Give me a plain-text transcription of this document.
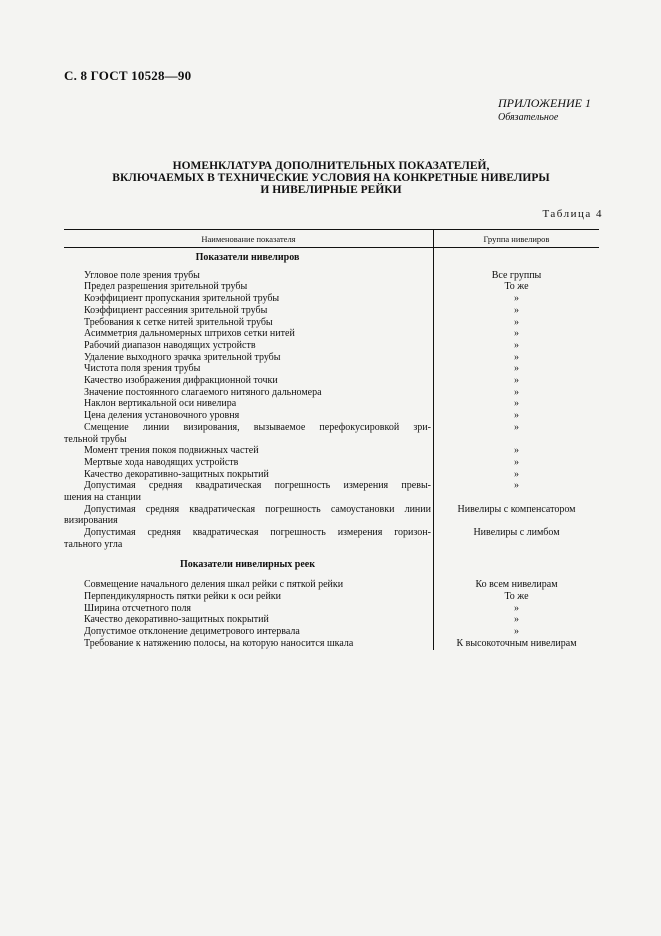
С. 8 ГОСТ 10528—90
ПРИЛОЖЕНИЕ 1
Обязательное
НОМЕНКЛАТУРА ДОПОЛНИТЕЛЬНЫХ ПОКАЗАТЕЛЕЙ,
ВКЛЮЧАЕМЫХ В ТЕХНИЧЕСКИЕ УСЛОВИЯ НА КОНКРЕТНЫЕ НИВЕЛИРЫ
И НИВЕЛИРНЫЕ РЕЙКИ
Таблица 4
Наименование показателя	Группа нивелиров
Показатели нивелиров	
Угловое поле зрения трубы	Все группы
Предел разрешения зрительной трубы	То же
Коэффициент пропускания зрительной трубы	»
Коэффициент рассеяния зрительной трубы	»
Требования к сетке нитей зрительной трубы	»
Асимметрия дальномерных штрихов сетки нитей	»
Рабочий диапазон наводящих устройств	»
Удаление выходного зрачка зрительной трубы	»
Чистота поля зрения трубы	»
Качество изображения дифракционной точки	»
Значение постоянного слагаемого нитяного дальномера	»
Наклон вертикальной оси нивелира	»
Цена деления установочного уровня	»

Смещение линии визирования, вызываемое перефокусировкой зри-
тельной трубы	»
Момент трения покоя подвижных частей	»
Мертвые хода наводящих устройств	»
Качество декоративно-защитных покрытий	»

Допустимая средняя квадратическая погрешность измерения превы-
шения на станции	»

Допустимая средняя квадратическая погрешность самоустановки линии
визирования	Нивелиры с компенсатором

Допустимая средняя квадратическая погрешность измерения горизон-
тального угла	Нивелиры с лимбом
Показатели нивелирных реек	
Совмещение начального деления шкал рейки с пяткой рейки	Ко всем нивелирам
Перпендикулярность пятки рейки к оси рейки	То же
Ширина отсчетного поля	»
Качество декоративно-защитных покрытий	»
Допустимое отклонение дециметрового интервала	»
Требование к натяжению полосы, на которую наносится шкала	К высокоточным нивелирам
